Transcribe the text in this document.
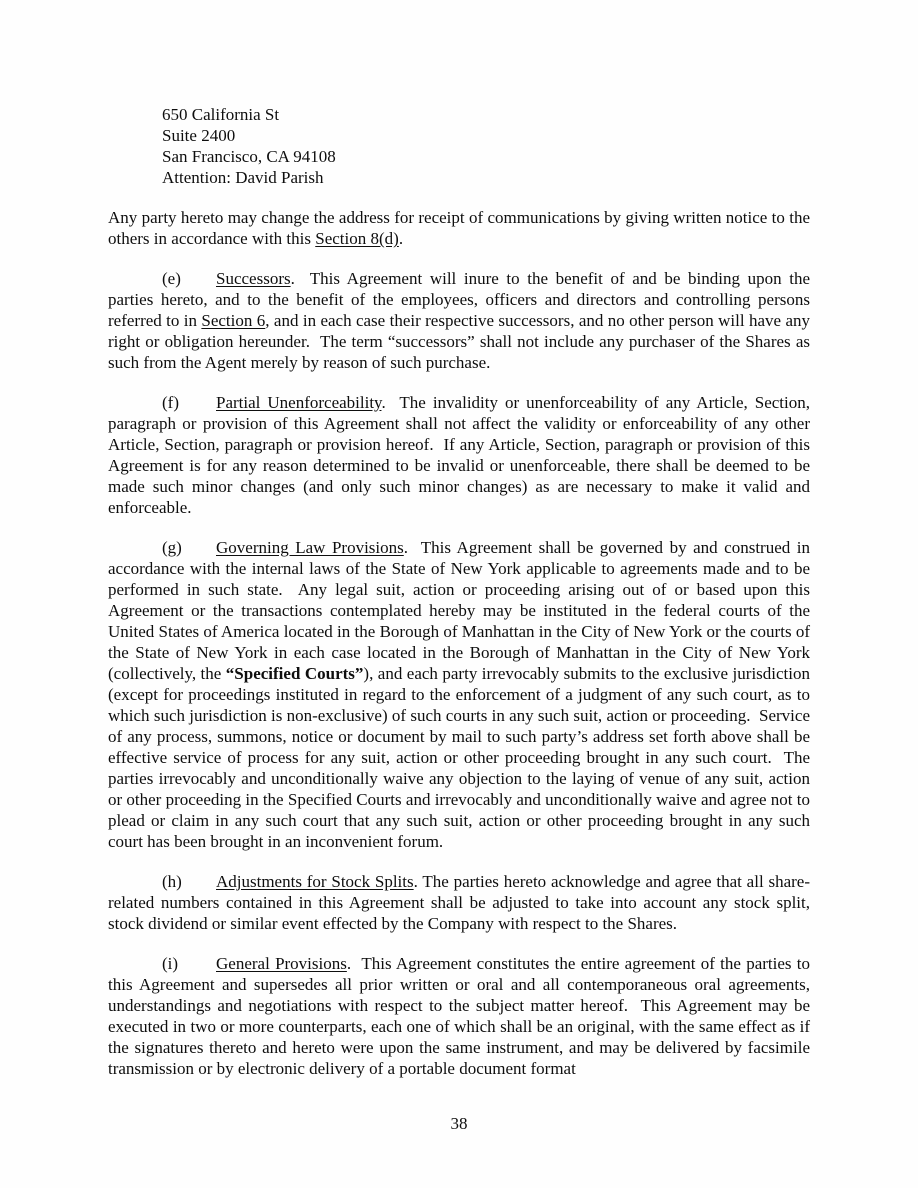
650 California St
Suite 2400
San Francisco, CA 94108
Attention: David Parish

Any party hereto may change the address for receipt of communications by giving written notice to the others in accordance with this Section 8(d).

(e) Successors.  This Agreement will inure to the benefit of and be binding upon the parties hereto, and to the benefit of the employees, officers and directors and controlling persons referred to in Section 6, and in each case their respective successors, and no other person will have any right or obligation hereunder.  The term “successors” shall not include any purchaser of the Shares as such from the Agent merely by reason of such purchase.

(f) Partial Unenforceability.  The invalidity or unenforceability of any Article, Section, paragraph or provision of this Agreement shall not affect the validity or enforceability of any other Article, Section, paragraph or provision hereof.  If any Article, Section, paragraph or provision of this Agreement is for any reason determined to be invalid or unenforceable, there shall be deemed to be made such minor changes (and only such minor changes) as are necessary to make it valid and enforceable.

(g) Governing Law Provisions.  This Agreement shall be governed by and construed in accordance with the internal laws of the State of New York applicable to agreements made and to be performed in such state.  Any legal suit, action or proceeding arising out of or based upon this Agreement or the transactions contemplated hereby may be instituted in the federal courts of the United States of America located in the Borough of Manhattan in the City of New York or the courts of the State of New York in each case located in the Borough of Manhattan in the City of New York (collectively, the “Specified Courts”), and each party irrevocably submits to the exclusive jurisdiction (except for proceedings instituted in regard to the enforcement of a judgment of any such court, as to which such jurisdiction is non-exclusive) of such courts in any such suit, action or proceeding.  Service of any process, summons, notice or document by mail to such party’s address set forth above shall be effective service of process for any suit, action or other proceeding brought in any such court.  The parties irrevocably and unconditionally waive any objection to the laying of venue of any suit, action or other proceeding in the Specified Courts and irrevocably and unconditionally waive and agree not to plead or claim in any such court that any such suit, action or other proceeding brought in any such court has been brought in an inconvenient forum.

(h) Adjustments for Stock Splits. The parties hereto acknowledge and agree that all share-related numbers contained in this Agreement shall be adjusted to take into account any stock split, stock dividend or similar event effected by the Company with respect to the Shares.

(i) General Provisions.  This Agreement constitutes the entire agreement of the parties to this Agreement and supersedes all prior written or oral and all contemporaneous oral agreements, understandings and negotiations with respect to the subject matter hereof.  This Agreement may be executed in two or more counterparts, each one of which shall be an original, with the same effect as if the signatures thereto and hereto were upon the same instrument, and may be delivered by facsimile transmission or by electronic delivery of a portable document format

38
